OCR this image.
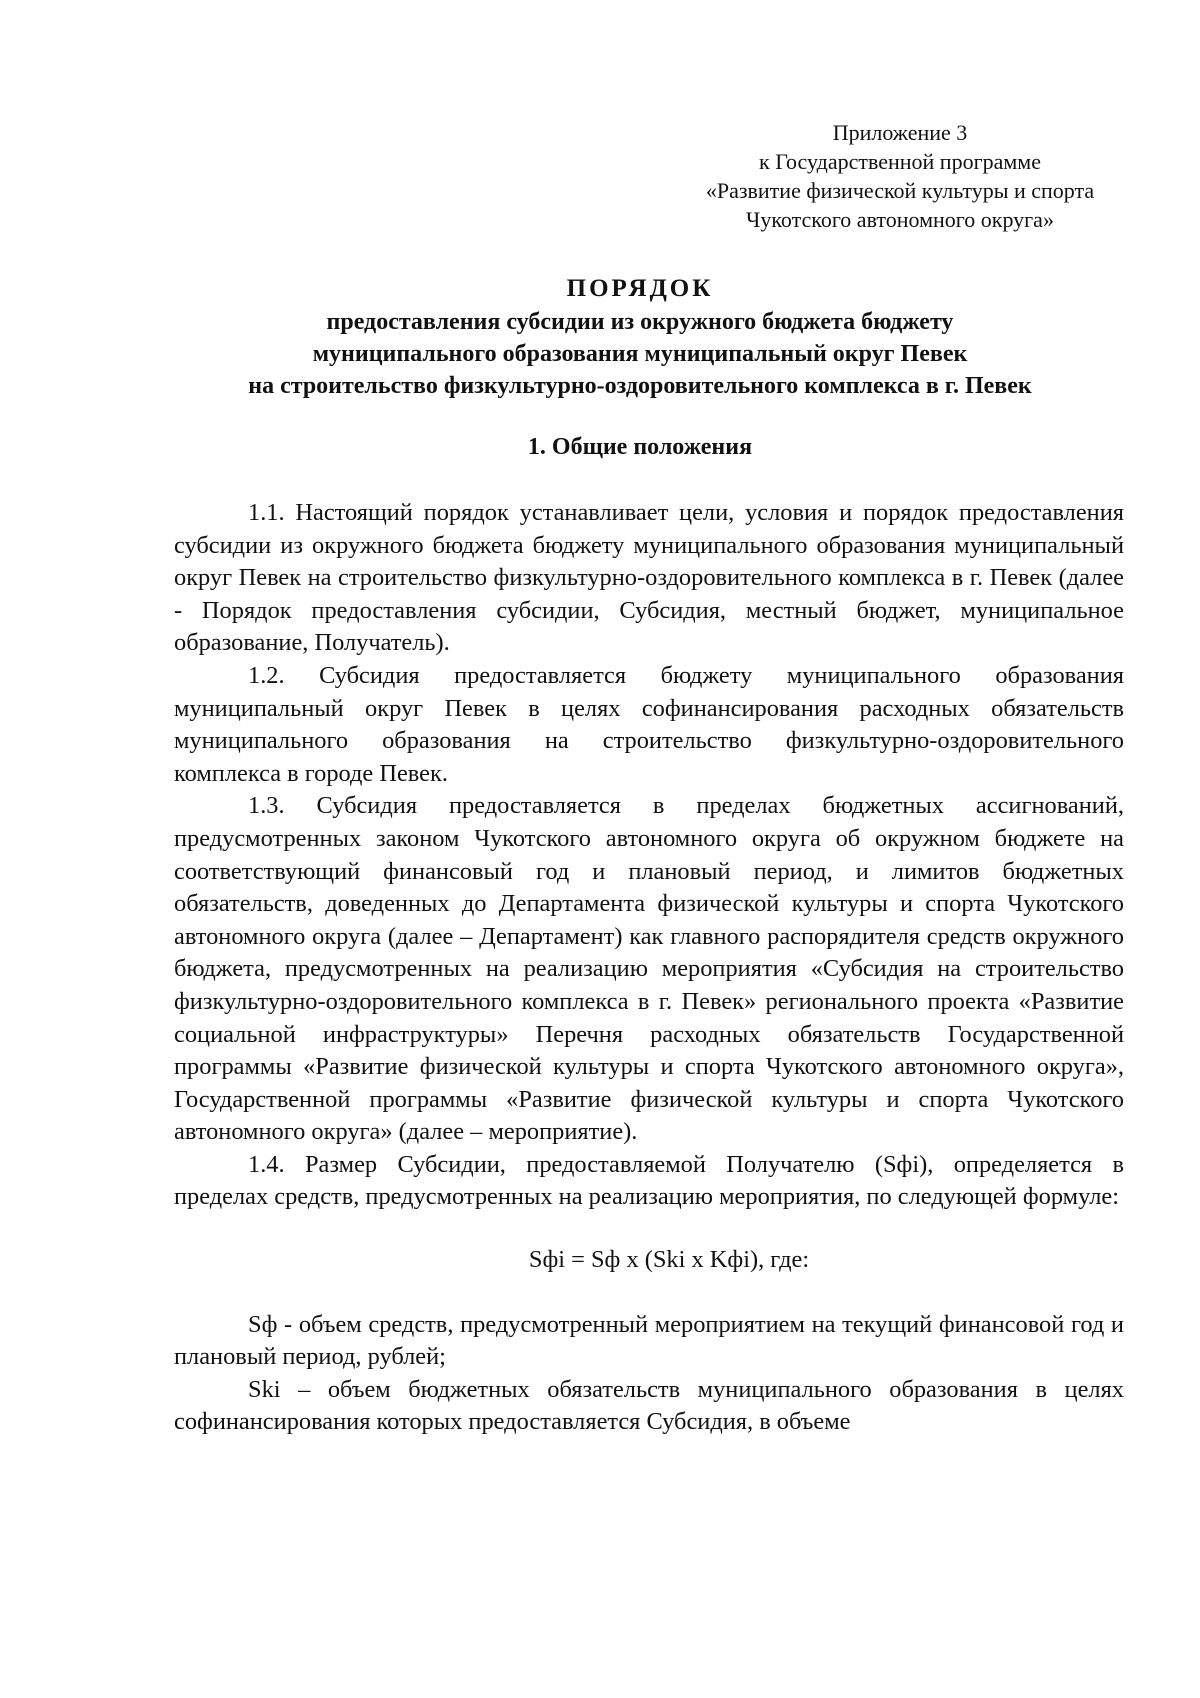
Приложение 3
к Государственной программе
«Развитие физической культуры и спорта
Чукотского автономного округа»
ПОРЯДОК
предоставления субсидии из окружного бюджета бюджету
муниципального образования муниципальный округ Певек
на строительство физкультурно-оздоровительного комплекса в г. Певек
1. Общие положения

1.1. Настоящий порядок устанавливает цели, условия и порядок предоставления субсидии из окружного бюджета бюджету муниципального образования муниципальный округ Певек на строительство физкультурно-оздоровительного комплекса в г. Певек (далее - Порядок предоставления субсидии, Субсидия, местный бюджет, муниципальное образование, Получатель).

1.2. Субсидия предоставляется бюджету муниципального образования муниципальный округ Певек в целях софинансирования расходных обязательств муниципального образования на строительство физкультурно-оздоровительного комплекса в городе Певек.

1.3. Субсидия предоставляется в пределах бюджетных ассигнований, предусмотренных законом Чукотского автономного округа об окружном бюджете на соответствующий финансовый год и плановый период, и лимитов бюджетных обязательств, доведенных до Департамента физической культуры и спорта Чукотского автономного округа (далее – Департамент) как главного распорядителя средств окружного бюджета, предусмотренных на реализацию мероприятия «Субсидия на строительство физкультурно-оздоровительного комплекса в г. Певек» регионального проекта «Развитие социальной инфраструктуры» Перечня расходных обязательств Государственной программы «Развитие физической культуры и спорта Чукотского автономного округа», Государственной программы «Развитие физической культуры и спорта Чукотского автономного округа» (далее – мероприятие).

1.4. Размер Субсидии, предоставляемой Получателю (Sфi), определяется в пределах средств, предусмотренных на реализацию мероприятия, по следующей формуле:

Sфi = Sф x (Ski x Kфi), где:

Sф - объем средств, предусмотренный мероприятием на текущий финансовой год и плановый период, рублей;

Ski – объем бюджетных обязательств муниципального образования в целях софинансирования которых предоставляется Субсидия, в объеме
